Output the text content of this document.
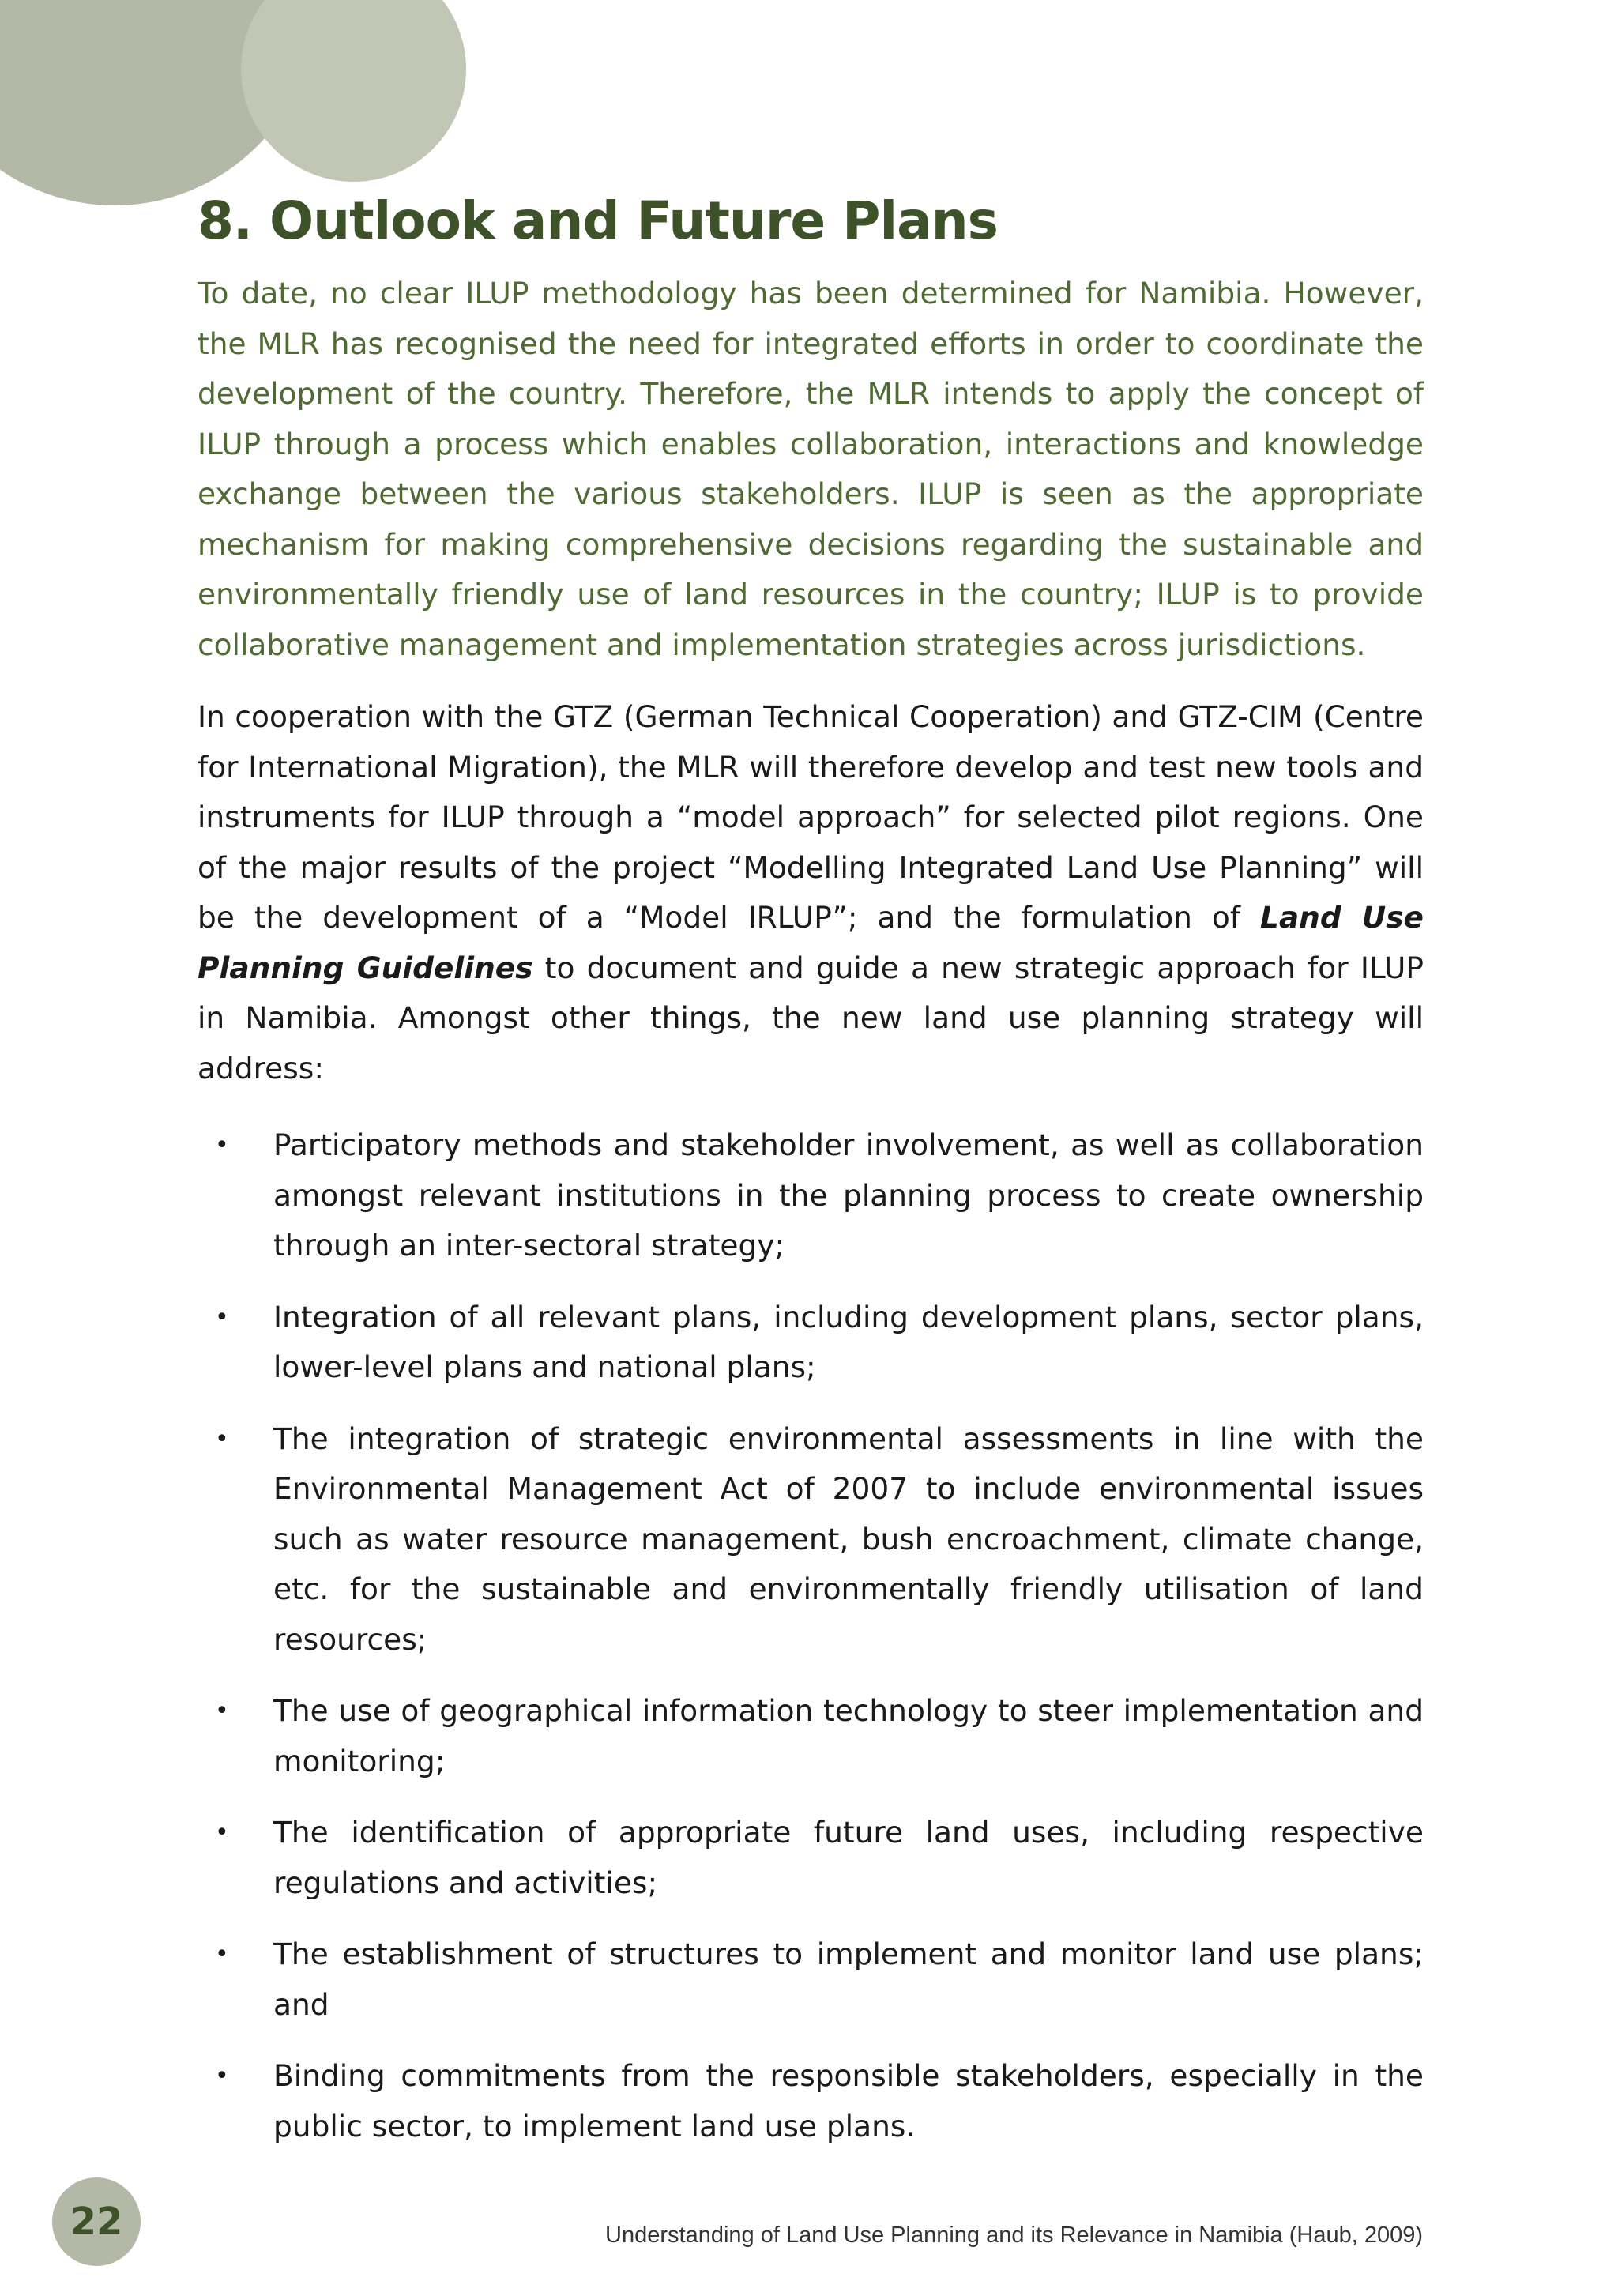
8. Outlook and Future Plans

To date, no clear ILUP methodology has been determined for Namibia. However, the MLR has recognised the need for integrated efforts in order to coordinate the development of the country. Therefore, the MLR intends to apply the concept of ILUP through a process which enables collaboration, interactions and knowledge exchange between the various stakeholders. ILUP is seen as the appropriate mechanism for making comprehensive decisions regarding the sustainable and environmentally friendly use of land resources in the country; ILUP is to provide collaborative management and implementation strategies across jurisdictions.

In cooperation with the GTZ (German Technical Cooperation) and GTZ-CIM (Centre for International Migration), the MLR will therefore develop and test new tools and instruments for ILUP through a “model approach” for selected pilot regions. One of the major results of the project “Modelling Integrated Land Use Planning” will be the development of a “Model IRLUP”; and the formulation of Land Use Planning Guidelines to document and guide a new strategic approach for ILUP in Namibia. Amongst other things, the new land use planning strategy will address:

• Participatory methods and stakeholder involvement, as well as collaboration amongst relevant institutions in the planning process to create ownership through an inter-sectoral strategy;
• Integration of all relevant plans, including development plans, sector plans, lower-level plans and national plans;
• The integration of strategic environmental assessments in line with the Environmental Management Act of 2007 to include environmental issues such as water resource management, bush encroachment, climate change, etc. for the sustainable and environmentally friendly utilisation of land resources;
• The use of geographical information technology to steer implementation and monitoring;
• The identification of appropriate future land uses, including respective regulations and activities;
• The establishment of structures to implement and monitor land use plans; and
• Binding commitments from the responsible stakeholders, especially in the public sector, to implement land use plans.
22	Understanding of Land Use Planning and its Relevance in Namibia (Haub, 2009)
